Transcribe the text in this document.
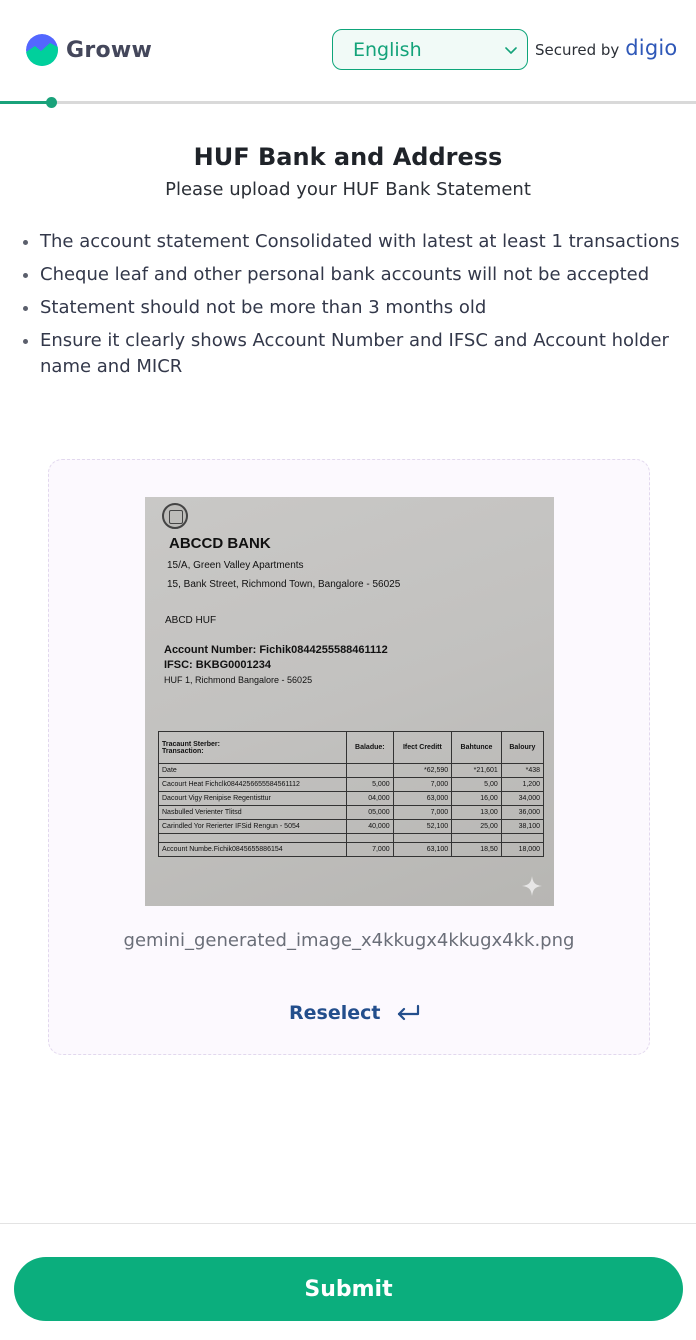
Groww	English	Secured by digio
HUF Bank and Address

Please upload your HUF Bank Statement

The account statement Consolidated with latest at least 1 transactions
Cheque leaf and other personal bank accounts will not be accepted
Statement should not be more than 3 months old
Ensure it clearly shows Account Number and IFSC and Account holder name and MICR
ABCCD BANK
15/A, Green Valley Apartments
15, Bank Street, Richmond Town, Bangalore - 56025
ABCD HUF
Account Number: Fichik0844255588461112
IFSC: BKBG0001234
HUF 1, Richmond Bangalore - 56025
Tracaunt Sterber:
Transaction:	Baladue:	Ifect Creditt	Bahtunce	Baloury
Date		*62,590	*21,601	*438
Cacourt Heat Fichclk0844256655584561112	5,000	7,000	5,00	1,200
Dacourt Vigy Renipise Regentisttur	04,000	63,000	16,00	34,000
Nasbulled Verienter Tlitsd	05,000	7,000	13,00	36,000
Carindled Yor Rerierter IFSid Rengun - 5054	40,000	52,100	25,00	38,100

Account Numbe.Fichik0845655886154	7,000	63,100	18,50	18,000
gemini_generated_image_x4kkugx4kkugx4kk.png
Reselect
Submit
